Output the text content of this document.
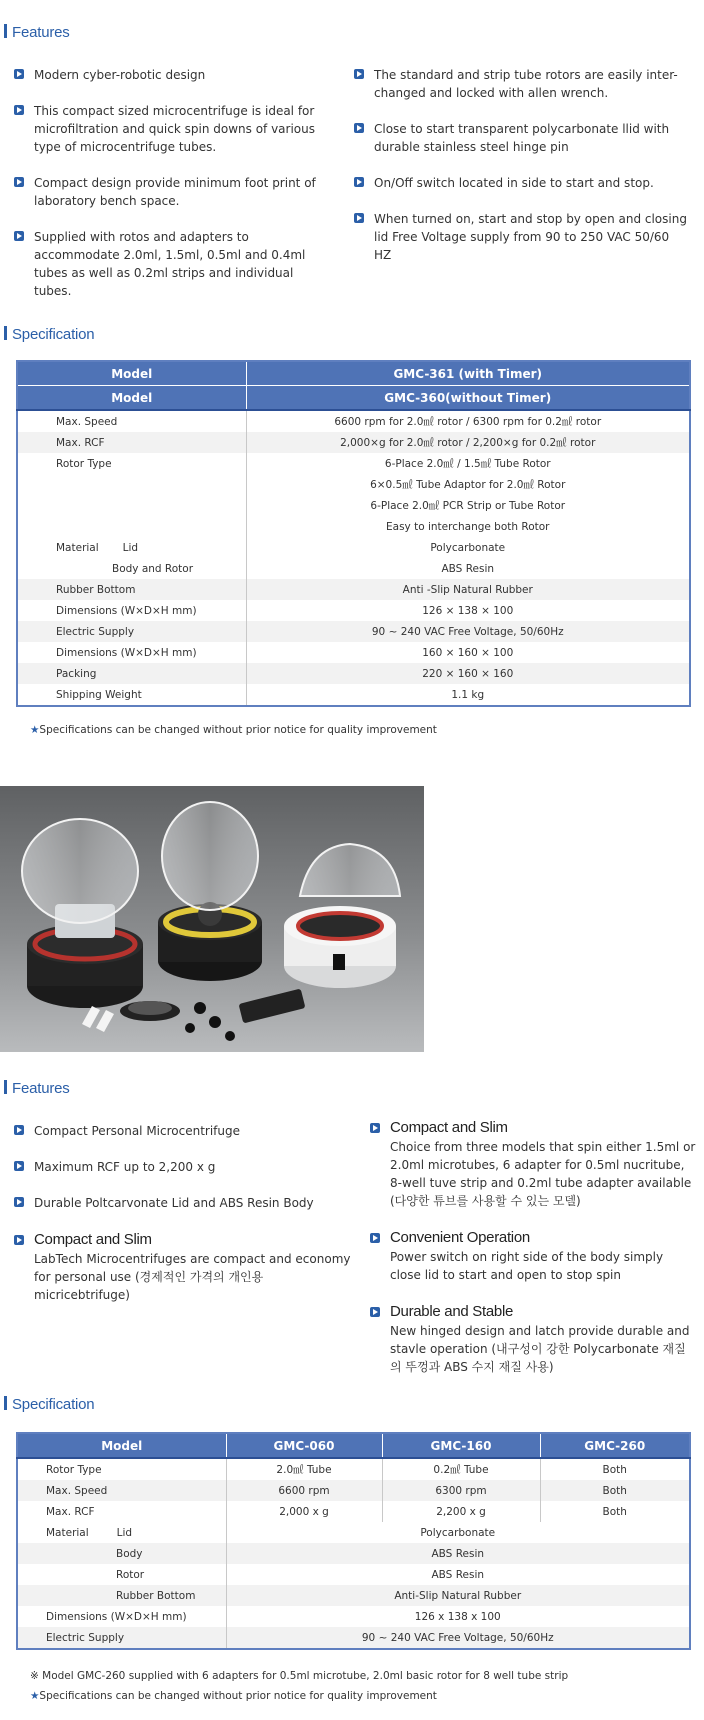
Features
Modern cyber-robotic design
This compact sized microcentrifuge is ideal for microfiltration and quick spin downs of various type of microcentrifuge tubes.
Compact design provide minimum foot print of laboratory bench space.
Supplied with rotos and adapters to accommodate 2.0ml, 1.5ml, 0.5ml and 0.4ml tubes as well as 0.2ml strips and individual tubes.
The standard and strip tube rotors are easily inter-changed and locked with allen wrench.
Close to start transparent polycarbonate llid with durable stainless steel hinge pin
On/Off switch located in side to start and stop.
When turned on, start and stop by open and closing lid Free Voltage supply from 90 to 250 VAC 50/60 HZ
Specification
Model	GMC-361 (with Timer)
Model	GMC-360(without Timer)
Max. Speed	6600 rpm for 2.0㎖ rotor / 6300 rpm for 0.2㎖ rotor
Max. RCF	2,000×g for 2.0㎖ rotor / 2,200×g for 0.2㎖ rotor
Rotor Type	6-Place 2.0㎖ / 1.5㎖ Tube Rotor
	6×0.5㎖ Tube Adaptor for 2.0㎖ Rotor
	6-Place 2.0㎖ PCR Strip or Tube Rotor
	Easy to interchange both Rotor
Material Lid	Polycarbonate
Body and Rotor	ABS Resin
Rubber Bottom	Anti -Slip Natural Rubber
Dimensions (W×D×H mm)	126 × 138 × 100
Electric Supply	90 ~ 240 VAC Free Voltage, 50/60Hz
Dimensions (W×D×H mm)	160 × 160 × 100
Packing	220 × 160 × 160
Shipping Weight	1.1 kg
★Specifications can be changed without prior notice for quality improvement
Features
Compact Personal Microcentrifuge
Maximum RCF up to 2,200 x g
Durable Poltcarvonate Lid and ABS Resin Body
Compact and Slim
LabTech Microcentrifuges are compact and economy for personal use (경제적인 가격의 개인용 micricebtrifuge)
Compact and Slim
Choice from three models that spin either 1.5ml or 2.0ml microtubes, 6 adapter for 0.5ml nucritube, 8-well tuve strip and 0.2ml tube adapter available (다양한 튜브를 사용할 수 있는 모델)
Convenient Operation
Power switch on right side of the body simply close lid to start and open to stop spin
Durable and Stable
New hinged design and latch provide durable and stavle operation (내구성이 강한 Polycarbonate 재질의 뚜껑과 ABS 수지 재질 사용)
Specification
Model	GMC-060	GMC-160	GMC-260
Rotor Type	2.0㎖ Tube	0.2㎖ Tube	Both
Max. Speed	6600 rpm	6300 rpm	Both
Max. RCF	2,000 x g	2,200 x g	Both
Material Lid	Polycarbonate		
Body	ABS Resin		
Rotor	ABS Resin		
Rubber Bottom	Anti-Slip Natural Rubber		
Dimensions (W×D×H mm)	126 x 138 x 100		
Electric Supply	90 ~ 240 VAC Free Voltage, 50/60Hz		
※ Model GMC-260 supplied with 6 adapters for 0.5ml microtube, 2.0ml basic rotor for 8 well tube strip
★Specifications can be changed without prior notice for quality improvement
